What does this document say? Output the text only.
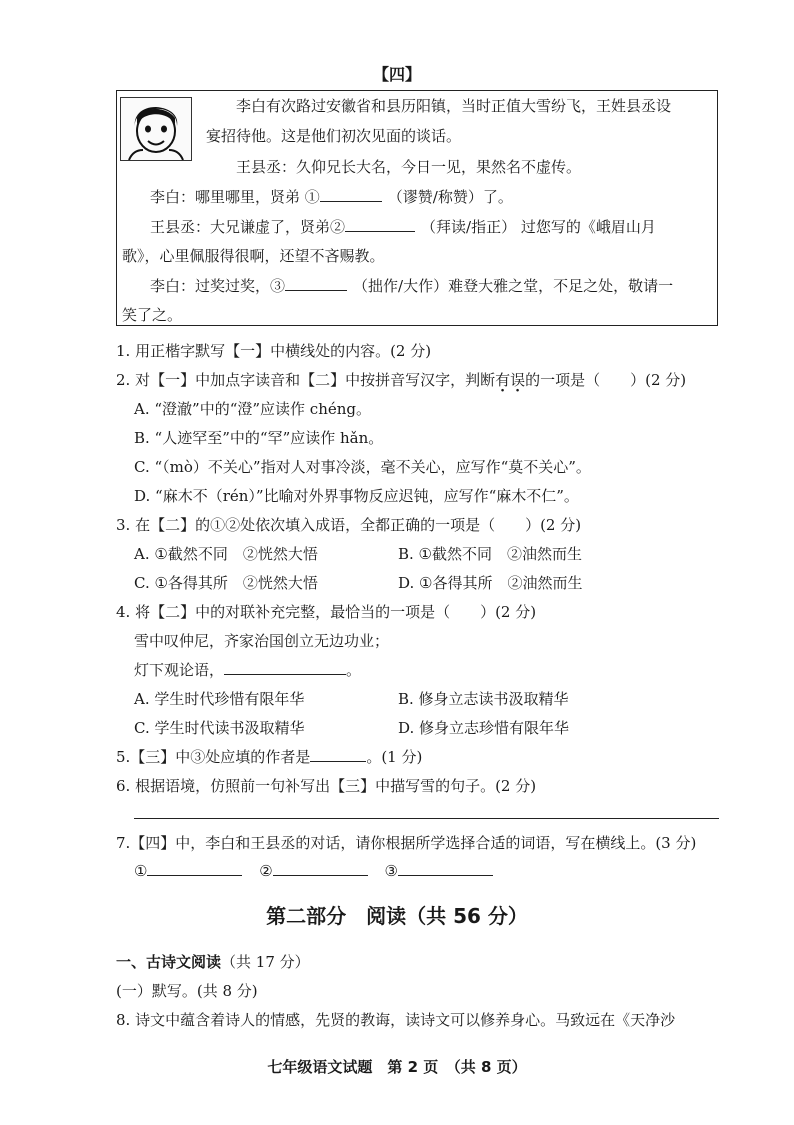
【四】
李白有次路过安徽省和县历阳镇，当时正值大雪纷飞，王姓县丞设
宴招待他。这是他们初次见面的谈话。
王县丞：久仰兄长大名，今日一见，果然名不虚传。
李白：哪里哪里，贤弟 ①	（谬赞/称赞）了。
王县丞：大兄谦虚了，贤弟②	（拜读/指正） 过您写的《峨眉山月
歌》，心里佩服得很啊，还望不吝赐教。
李白：过奖过奖，③	（拙作/大作）难登大雅之堂，不足之处，敬请一
笑了之。
1. 用正楷字默写【一】中横线处的内容。(2 分)
2. 对【一】中加点字读音和【二】中按拼音写汉字，判断有误的一项是（　　）(2 分)
A. “澄澈”中的“澄”应读作 chéng。
B. “人迹罕至”中的“罕”应读作 hǎn。
C. “（mò）不关心”指对人对事冷淡，毫不关心，应写作“莫不关心”。
D. “麻木不（rén）”比喻对外界事物反应迟钝，应写作“麻木不仁”。
3. 在【二】的①②处依次填入成语，全都正确的一项是（　　）(2 分)
A. ①截然不同　②恍然大悟	B. ①截然不同　②油然而生
C. ①各得其所　②恍然大悟	D. ①各得其所　②油然而生
4. 将【二】中的对联补充完整，最恰当的一项是（　　）(2 分)
雪中叹仲尼，齐家治国创立无边功业；
灯下观论语，	。
A. 学生时代珍惜有限年华	B. 修身立志读书汲取精华
C. 学生时代读书汲取精华	D. 修身立志珍惜有限年华
5.【三】中③处应填的作者是	。(1 分)
6. 根据语境，仿照前一句补写出【三】中描写雪的句子。(2 分)
7.【四】中，李白和王县丞的对话，请你根据所学选择合适的词语，写在横线上。(3 分)
①	②	③
第二部分　阅读（共 56 分）
一、古诗文阅读（共 17 分）
(一）默写。(共 8 分)
8. 诗文中蕴含着诗人的情感，先贤的教诲，读诗文可以修养身心。马致远在《天净沙
七年级语文试题　第 2 页　（共 8 页）
